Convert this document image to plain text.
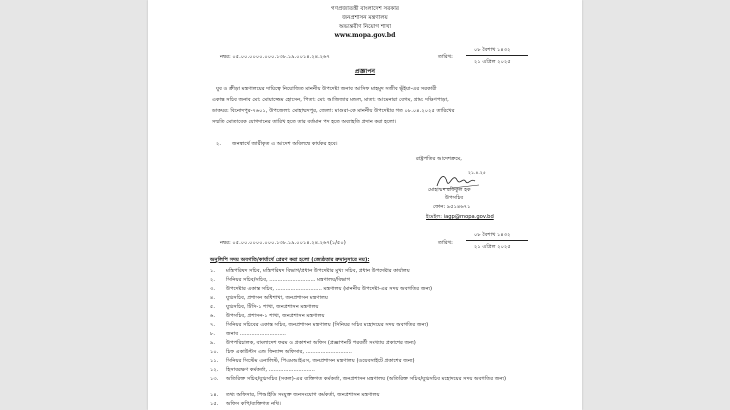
গণপ্রজাতন্ত্রী বাংলাদেশ সরকার
জনপ্রশাসন মন্ত্রণালয়
অভ্যন্তরীণ নিয়োগ শাখা
www.mopa.gov.bd
নম্বর: ০৫.০০.০০০০.০০০.১৩৮.১৯.০০১৪.২৪.২৬৭	তারিখ:
০৮ বৈশাখ ১৪৩২
২১ এপ্রিল ২০২৫
প্রজ্ঞাপন
যুব ও ক্রীড়া মন্ত্রণালয়ের দায়িত্বে নিয়োজিত মাননীয় উপদেষ্টা জনাব আসিফ মাহমুদ সজীব ভূঁইয়া-এর সরকারী
একান্ত সচিব জনাব মো: মোয়াজ্জেম হোসেন, পিতা: মো: আজিজার মন্ডল, মাতা: আমেনারা বেগম, গ্রাম: দক্ষিণপাড়া,
ডাকঘর: বিনোদপুর-৭৬০১, উপজেলা: মোহাম্মদপুর, জেলা: মাগুরা-কে মাননীয় উপদেষ্টার গত ০৮.০৪.২০২৫ তারিখের
সম্মতি মোতাবেক যোগদানের তারিখ হতে তার বর্তমান পদ হতে অব্যাহতি প্রদান করা হলো।
২. জনস্বার্থে জারীকৃত এ আদেশ অবিলম্বে কার্যকর হবে।
রাষ্ট্রপতির আদেশক্রমে,
২১.৪.২৫
মোহাম্মদ রফিকুল হক
উপসচিব
ফোন: ৯৫১৪৬৭১
ইমেইল: iagp@mopa.gov.bd
নম্বর: ০৫.০০.০০০০.০০০.১৩৮.১৯.০০১৪.২৪.২৬৭(১/৫০)	তারিখ:
০৮ বৈশাখ ১৪৩২
২১ এপ্রিল ২০২৫
অনুলিপি সদয় অবগতি/কার্যার্থে প্রেরণ করা হলো (জ্যেষ্ঠতার ক্রমানুসারে নয়):
১. মন্ত্রিপরিষদ সচিব, মন্ত্রিপরিষদ বিভাগ/প্রধান উপদেষ্টার মুখ্য সচিব, প্রধান উপদেষ্টার কার্যালয়
২. সিনিয়র সচিব/সচিব, ............................ মন্ত্রণালয়/বিভাগ
৩. উপদেষ্টার একান্ত সচিব, ............................ মন্ত্রণালয় (মাননীয় উপদেষ্টা-এর সদয় অবগতির জন্য)
৪. যুগ্মসচিব, প্রশাসন অধিশাখা, জনপ্রশাসন মন্ত্রণালয়
৫. যুগ্মসচিব, টিসি-১ শাখা, জনপ্রশাসন মন্ত্রণালয়
৬. উপসচিব, প্রশাসন-১ শাখা, জনপ্রশাসন মন্ত্রণালয়
৭. সিনিয়র সচিবের একান্ত সচিব, জনপ্রশাসন মন্ত্রণালয় (সিনিয়র সচিব মহোদয়ের সদয় অবগতির জন্য)
৮. জনাব ............................
৯. উপপরিচালক, বাংলাদেশ ফরম ও প্রকাশনা অফিস (প্রজ্ঞাপনটি পরবর্তী সংখ্যায় প্রকাশের জন্য)
১০. চিফ একাউন্টস এন্ড ফিন্যান্স অফিসার, ............................
১১. সিনিয়র সিস্টেম এনালিস্ট, পিএমআইএস, জনপ্রশাসন মন্ত্রণালয় (ওয়েবসাইটে প্রকাশের জন্য)
১২. হিসাবরক্ষণ কর্মকর্তা, ............................
১৩. অতিরিক্ত সচিব/যুগ্মসচিব (সকল)-এর ব্যক্তিগত কর্মকর্তা, জনপ্রশাসন মন্ত্রণালয় (অতিরিক্ত সচিব/যুগ্মসচিব মহোদয়ের সদয় অবগতির জন্য)
১৪. তথ্য অফিসার, পিআইডি সংযুক্ত জনসংযোগ কর্মকর্তা, জনপ্রশাসন মন্ত্রণালয়
১৫. অফিস কপি/ব্যক্তিগত নথি।
